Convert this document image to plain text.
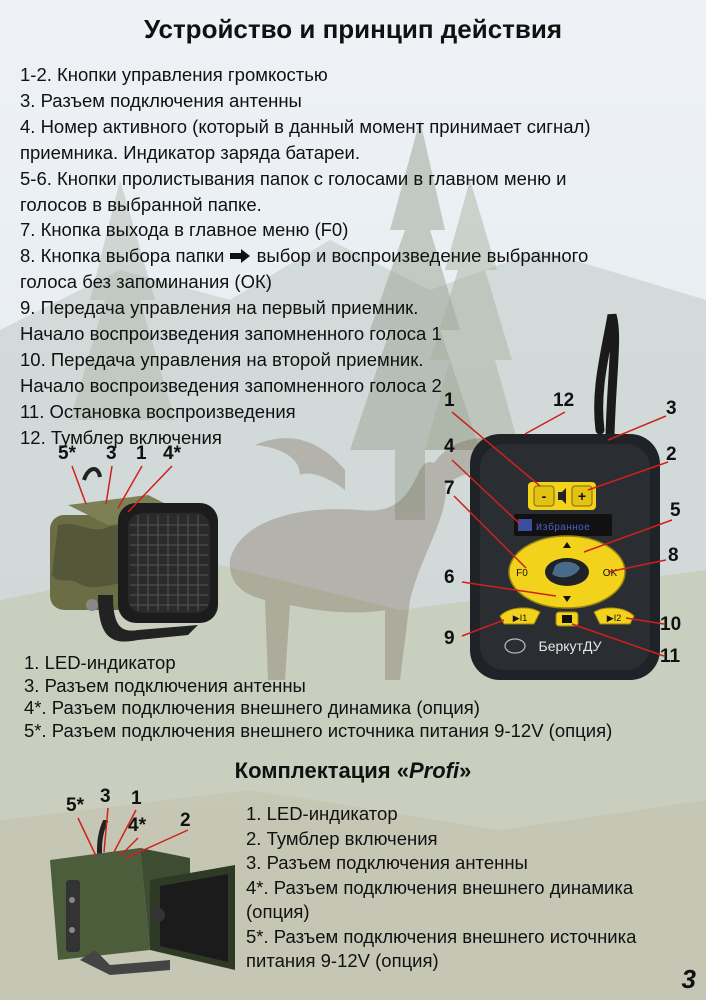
Устройство и принцип действия
1-2. Кнопки управления громкостью
3. Разъем подключения антенны
4. Номер активного (который в данный момент принимает сигнал)
приемника. Индикатор заряда батареи.
5-6. Кнопки пролистывания папок с голосами в главном меню и
голосов в выбранной папке.
7. Кнопка выхода в главное меню (F0)
8. Кнопка выбора папки выбор и воспроизведение выбранного
голоса без запоминания (ОК)
9. Передача управления на первый приемник.
Начало воспроизведения запомненного голоса 1
10. Передача управления на второй приемник.
Начало воспроизведения запомненного голоса 2
11. Остановка воспроизведения
12. Тумблер включения
5* 3 1 4*
1. LED-индикатор
3. Разъем подключения антенны
4*. Разъем подключения внешнего динамика (опция)
5*. Разъем подключения внешнего источника питания 9-12V (опция)
- +
Избранное
F0	OK
▶I1	▶I2
БеркутДУ
1	12	3
4	2
7
5
8
6
9
10
11
Комплектация «Profi»
5* 3 1
4* 2	1. LED-индикатор
2. Тумблер включения
3. Разъем подключения антенны
4*. Разъем подключения внешнего динамика
(опция)
5*. Разъем подключения внешнего источника
питания 9-12V (опция)
3
